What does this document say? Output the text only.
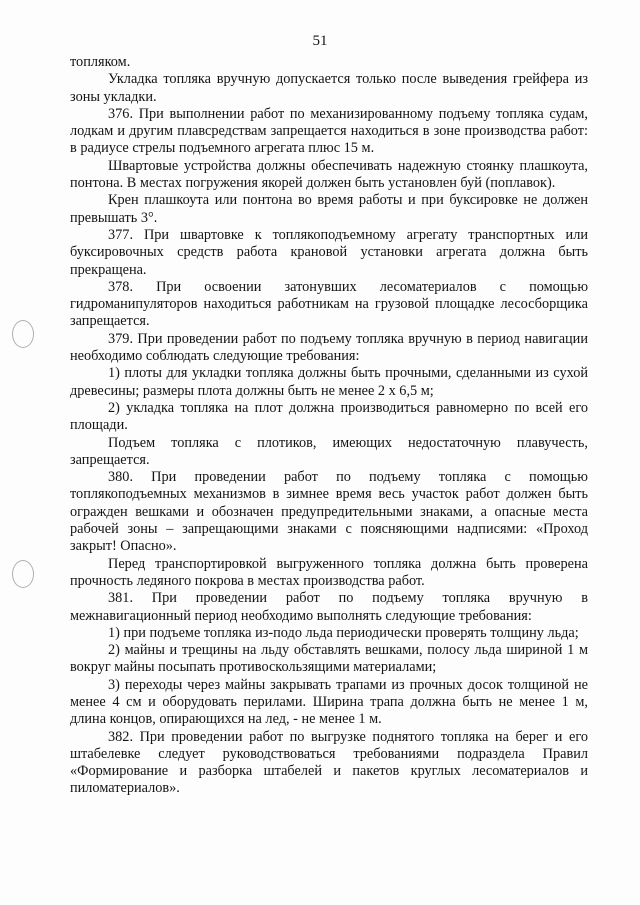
51

топляком.

Укладка топляка вручную допускается только после выведения грейфера из зоны укладки.

376. При выполнении работ по механизированному подъему топляка судам, лодкам и другим плавсредствам запрещается находиться в зоне производства работ: в радиусе стрелы подъемного агрегата плюс 15 м.

Швартовые устройства должны обеспечивать надежную стоянку плашкоута, понтона. В местах погружения якорей должен быть установлен буй (поплавок).

Крен плашкоута или понтона во время работы и при буксировке не должен превышать 3°.

377. При швартовке к топлякоподъемному агрегату транспортных или буксировочных средств работа крановой установки агрегата должна быть прекращена.

378. При освоении затонувших лесоматериалов с помощью гидроманипуляторов находиться работникам на грузовой площадке лесосборщика запрещается.

379. При проведении работ по подъему топляка вручную в период навигации необходимо соблюдать следующие требования:

1) плоты для укладки топляка должны быть прочными, сделанными из сухой древесины; размеры плота должны быть не менее 2 х 6,5 м;

2) укладка топляка на плот должна производиться равномерно по всей его площади.

Подъем топляка с плотиков, имеющих недостаточную плавучесть, запрещается.

380. При проведении работ по подъему топляка с помощью топлякоподъемных механизмов в зимнее время весь участок работ должен быть огражден вешками и обозначен предупредительными знаками, а опасные места рабочей зоны – запрещающими знаками с поясняющими надписями: «Проход закрыт! Опасно».

Перед транспортировкой выгруженного топляка должна быть проверена прочность ледяного покрова в местах производства работ.

381. При проведении работ по подъему топляка вручную в межнавигационный период необходимо выполнять следующие требования:

1) при подъеме топляка из-подо льда периодически проверять толщину льда;

2) майны и трещины на льду обставлять вешками, полосу льда шириной 1 м вокруг майны посыпать противоскользящими материалами;

3) переходы через майны закрывать трапами из прочных досок толщиной не менее 4 см и оборудовать перилами. Ширина трапа должна быть не менее 1 м, длина концов, опирающихся на лед, - не менее 1 м.

382. При проведении работ по выгрузке поднятого топляка на берег и его штабелевке следует руководствоваться требованиями подраздела Правил «Формирование и разборка штабелей и пакетов круглых лесоматериалов и пиломатериалов».
